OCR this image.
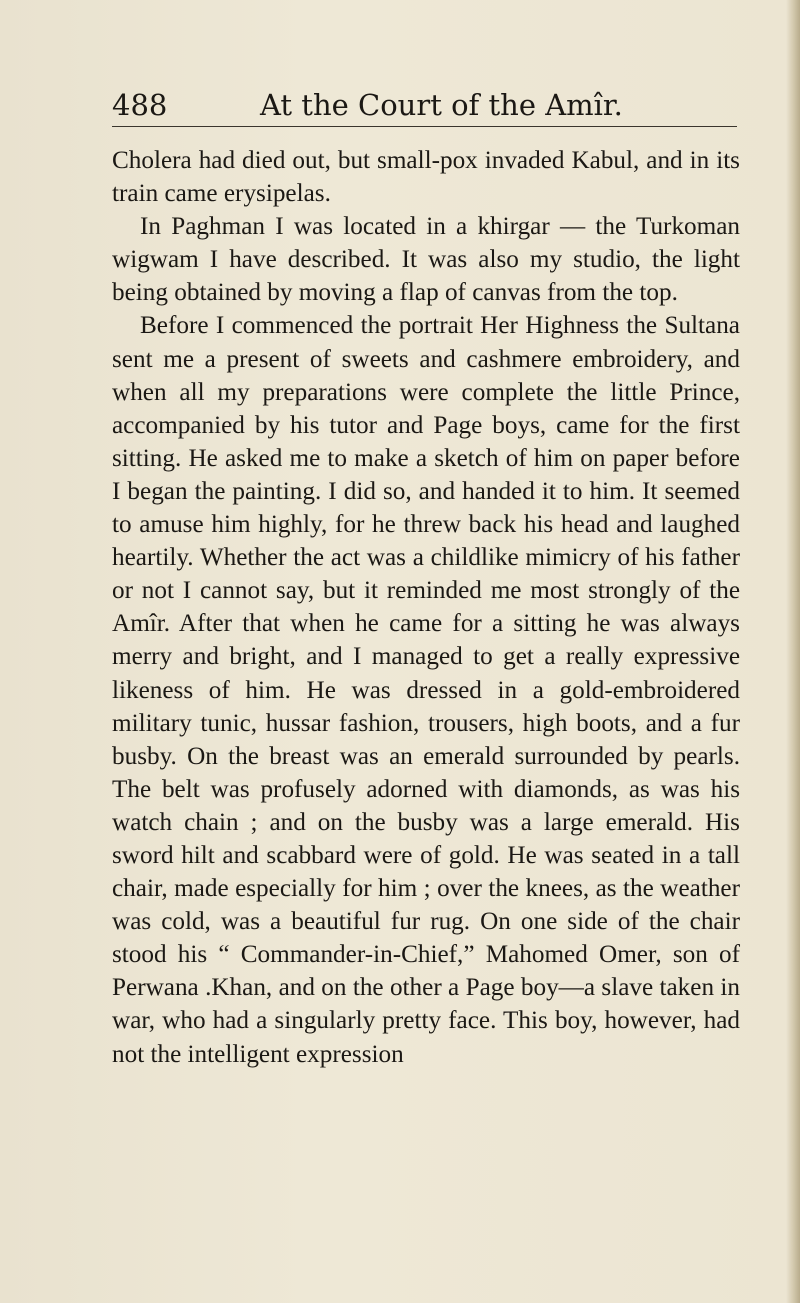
488	At the Court of the Amîr.

Cholera had died out, but small-pox invaded Kabul, and in its train came erysipelas.

In Paghman I was located in a khirgar — the Turkoman wigwam I have described. It was also my studio, the light being obtained by moving a flap of canvas from the top.

Before I commenced the portrait Her Highness the Sultana sent me a present of sweets and cashmere embroidery, and when all my preparations were complete the little Prince, accompanied by his tutor and Page boys, came for the first sitting. He asked me to make a sketch of him on paper before I began the painting. I did so, and handed it to him. It seemed to amuse him highly, for he threw back his head and laughed heartily. Whether the act was a childlike mimicry of his father or not I cannot say, but it reminded me most strongly of the Amîr. After that when he came for a sitting he was always merry and bright, and I managed to get a really expressive likeness of him. He was dressed in a gold-embroidered military tunic, hussar fashion, trousers, high boots, and a fur busby. On the breast was an emerald surrounded by pearls. The belt was profusely adorned with diamonds, as was his watch chain ; and on the busby was a large emerald. His sword hilt and scabbard were of gold. He was seated in a tall chair, made especially for him ; over the knees, as the weather was cold, was a beautiful fur rug. On one side of the chair stood his “ Commander-in-Chief,” Mahomed Omer, son of Perwana .Khan, and on the other a Page boy—a slave taken in war, who had a singularly pretty face. This boy, however, had not the intelligent expression
